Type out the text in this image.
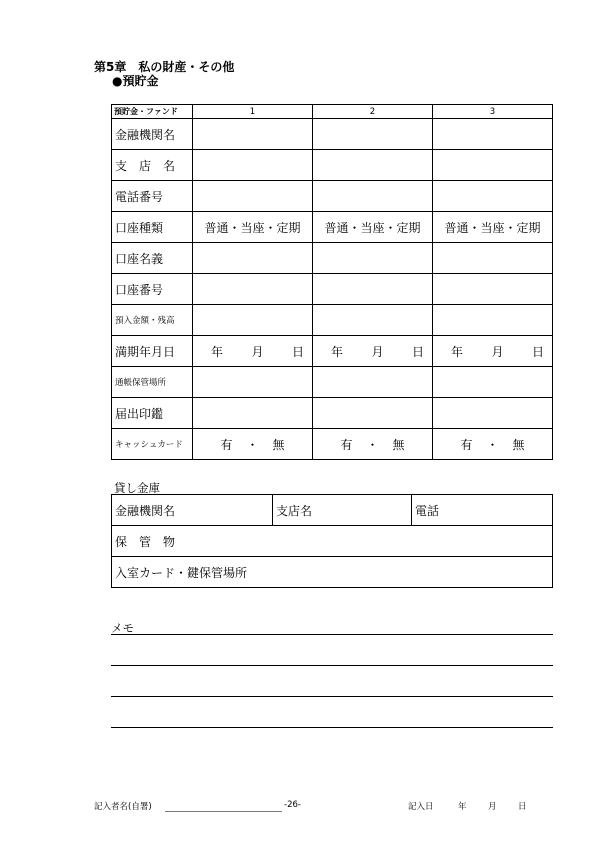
第5章　私の財産・その他
●預貯金
預貯金・ファンド	1	2	3
金融機関名			
支　店　名			
電話番号			
口座種類	普通・当座・定期	普通・当座・定期	普通・当座・定期
口座名義			
口座番号			
預入金額・残高			
満期年月日	年 月 日	年 月 日	年 月 日

通帳保管場所			
届出印鑑			
キャッシュカード	有 ・ 無	有 ・ 無	有 ・ 無
貸し金庫
金融機関名	支店名	電話
保　管　物
入室カード・鍵保管場所
メモ
記入者名(自署)	-26-	記入日	年	月	日
